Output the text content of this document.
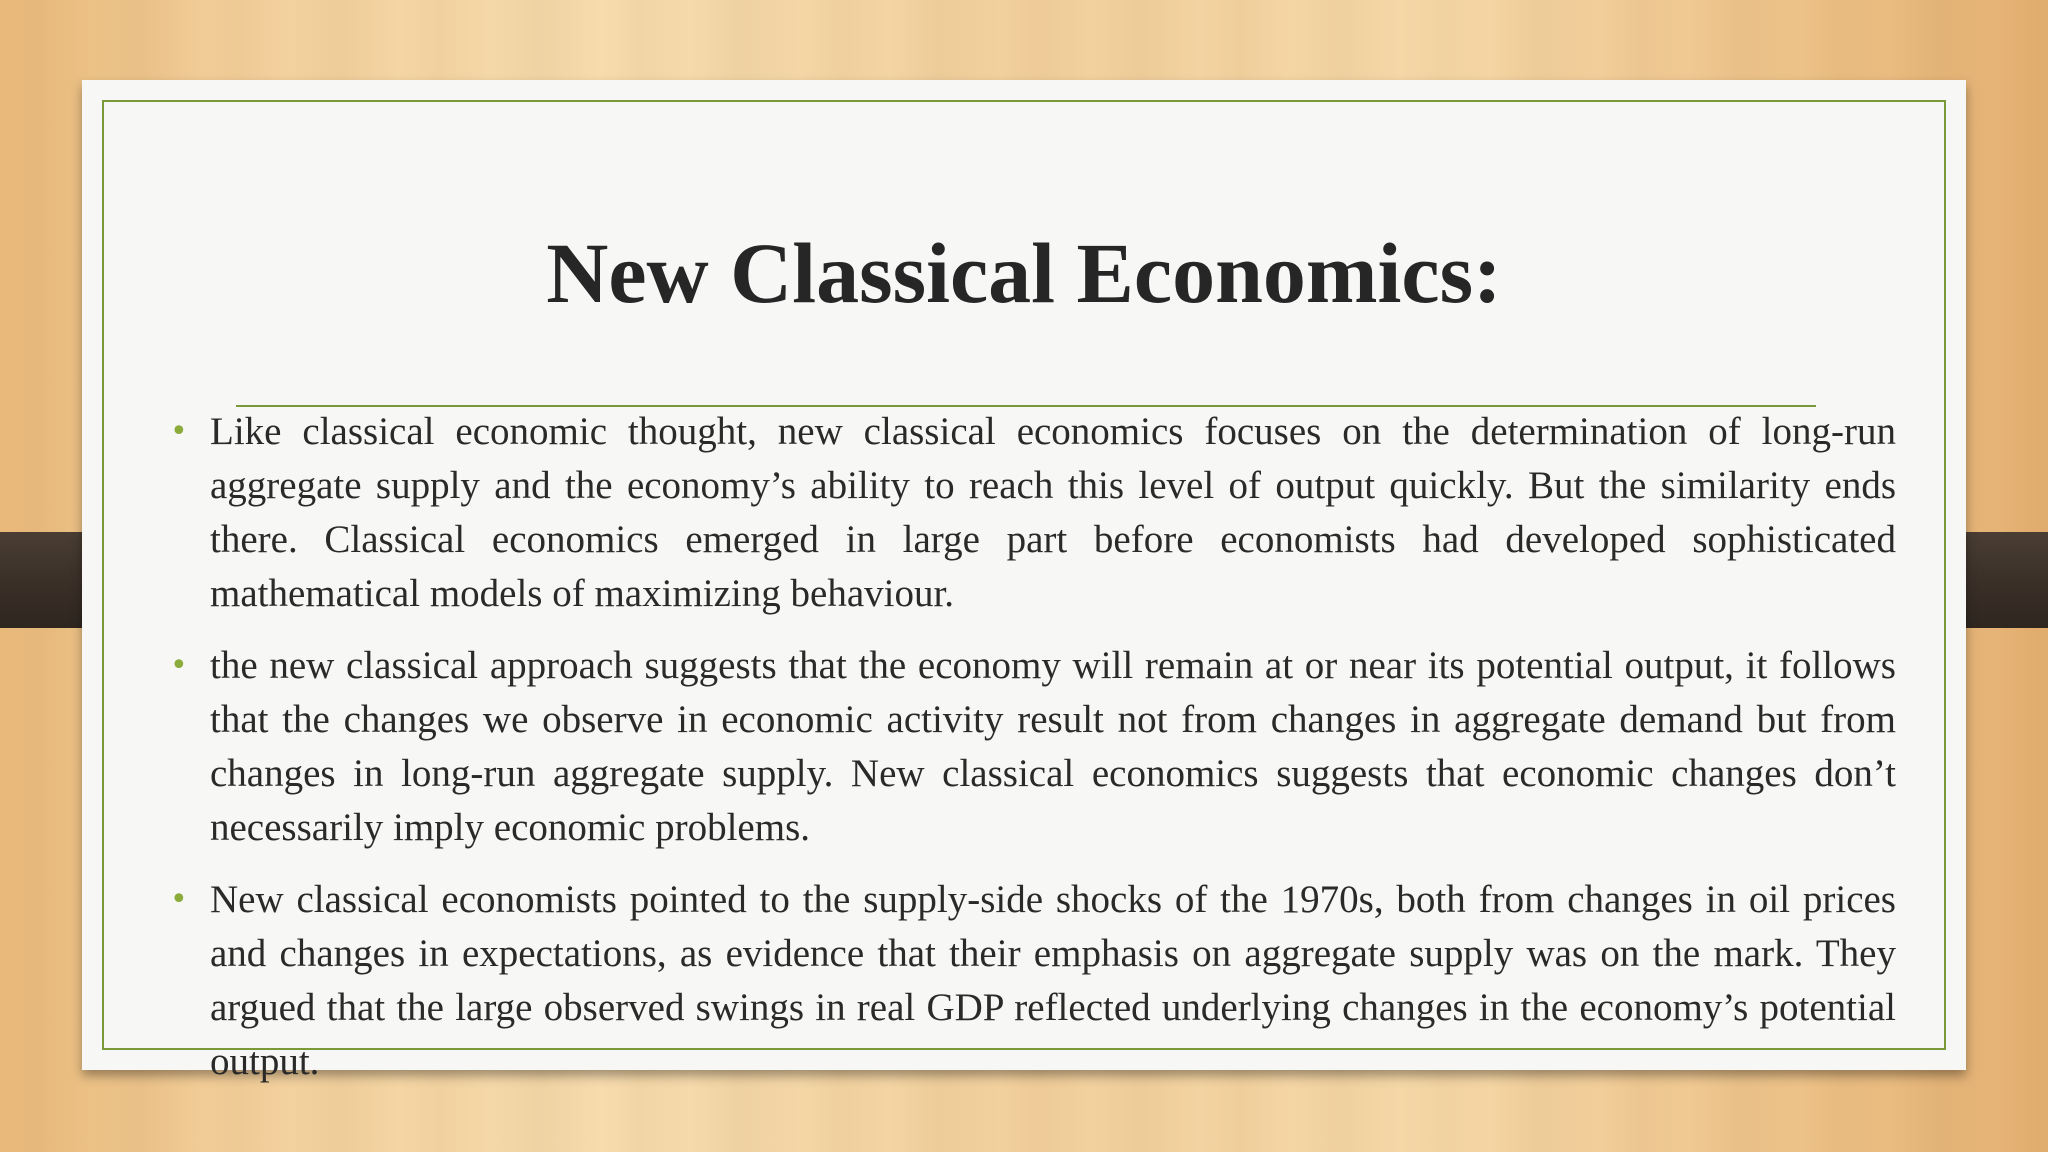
New Classical Economics:
• Like classical economic thought, new classical economics focuses on the determination of long-run aggregate supply and the economy’s ability to reach this level of output quickly. But the similarity ends there. Classical economics emerged in large part before economists had developed sophisticated mathematical models of maximizing behaviour.
• the new classical approach suggests that the economy will remain at or near its potential output, it follows that the changes we observe in economic activity result not from changes in aggregate demand but from changes in long-run aggregate supply. New classical economics suggests that economic changes don’t necessarily imply economic problems.
• New classical economists pointed to the supply-side shocks of the 1970s, both from changes in oil prices and changes in expectations, as evidence that their emphasis on aggregate supply was on the mark. They argued that the large observed swings in real GDP reflected underlying changes in the economy’s potential output.
